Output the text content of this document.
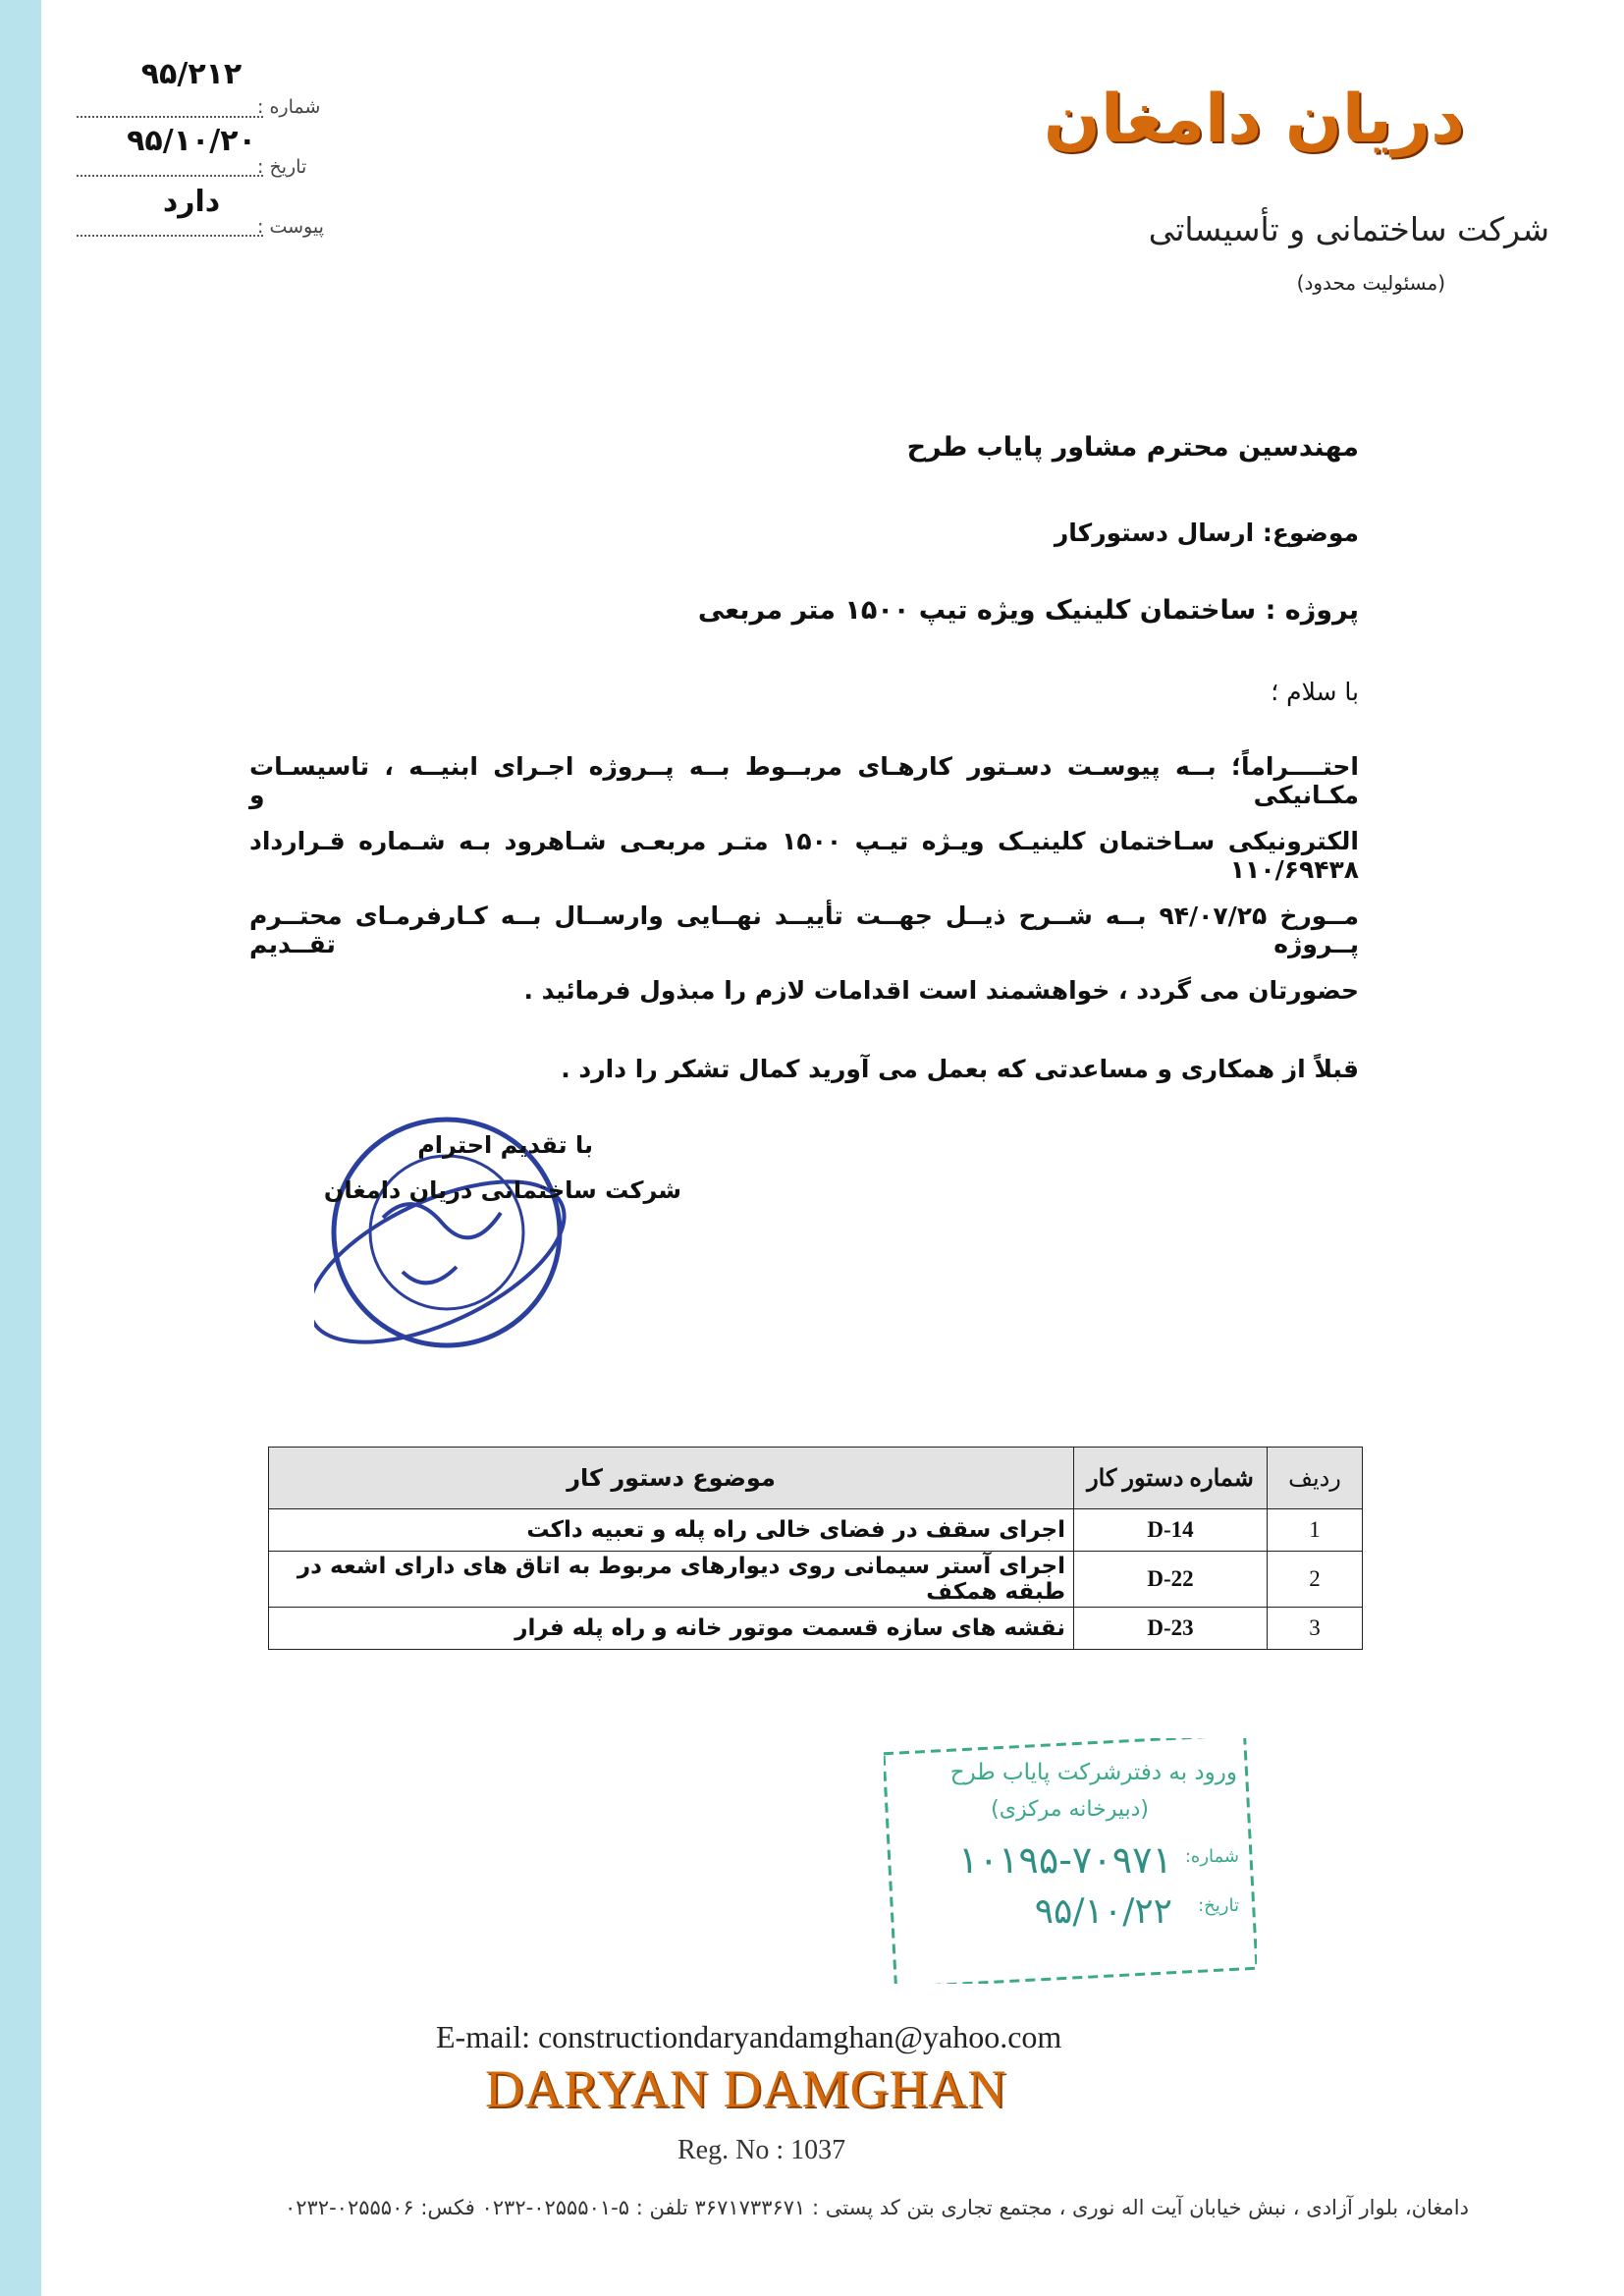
۹۵/۲۱۲
شماره :
۹۵/۱۰/۲۰
تاریخ :
دارد
پیوست :
دریان دامغان
شرکت ساختمانی و تأسیساتی
(مسئولیت محدود)
مهندسین محترم مشاور پایاب طرح
موضوع: ارسال دستورکار
پروژه : ساختمان کلینیک ویژه تیپ ۱۵۰۰ متر مربعی
با سلام ؛
احتــــراماً؛ بــه پیوسـت دسـتور کارهـای مربــوط بــه پــروژه اجـرای ابنیــه ، تاسیسـات مکـانیکی و
الکترونیکی سـاختمان کلینیـک ویـژه تیـپ ۱۵۰۰ متـر مربعـی شـاهرود بـه شـماره قـرارداد ۱۱۰/۶۹۴۳۸
مــورخ ۹۴/۰۷/۲۵ بــه شــرح ذیــل جهــت تأییــد نهــایی وارســال بــه کـارفرمـای محتــرم پــروژه تقــدیم
حضورتان می گردد ، خواهشمند است اقدامات لازم را مبذول فرمائید .
قبلاً از همکاری و مساعدتی که بعمل می آورید کمال تشکر را دارد .
با تقدیم احترام
شرکت ساختمانی دریان دامغان
ردیف	شماره دستور کار	موضوع دستور کار
1	D-14	اجرای سقف در فضای خالی راه پله و تعبیه داکت
2	D-22	اجرای آستر سیمانی روی دیوارهای مربوط به اتاق های دارای اشعه در طبقه همکف
3	D-23	نقشه های سازه قسمت موتور خانه و راه پله فرار
ورود به دفترشرکت پایاب طرح
(دبیرخانه مرکزی)
شماره:
۱۰۱۹۵-۷۰۹۷۱
تاریخ:
۹۵/۱۰/۲۲
E-mail: constructiondaryandamghan@yahoo.com
DARYAN DAMGHAN
Reg. No : 1037
دامغان، بلوار آزادی ، نبش خیابان آیت اله نوری ، مجتمع تجاری بتن کد پستی : ۳۶۷۱۷۳۳۶۷۱ تلفن : ۵-۰۲۵۵۵۰۱-۰۲۳۲ فکس: ۰۲۵۵۵۰۶-۰۲۳۲
